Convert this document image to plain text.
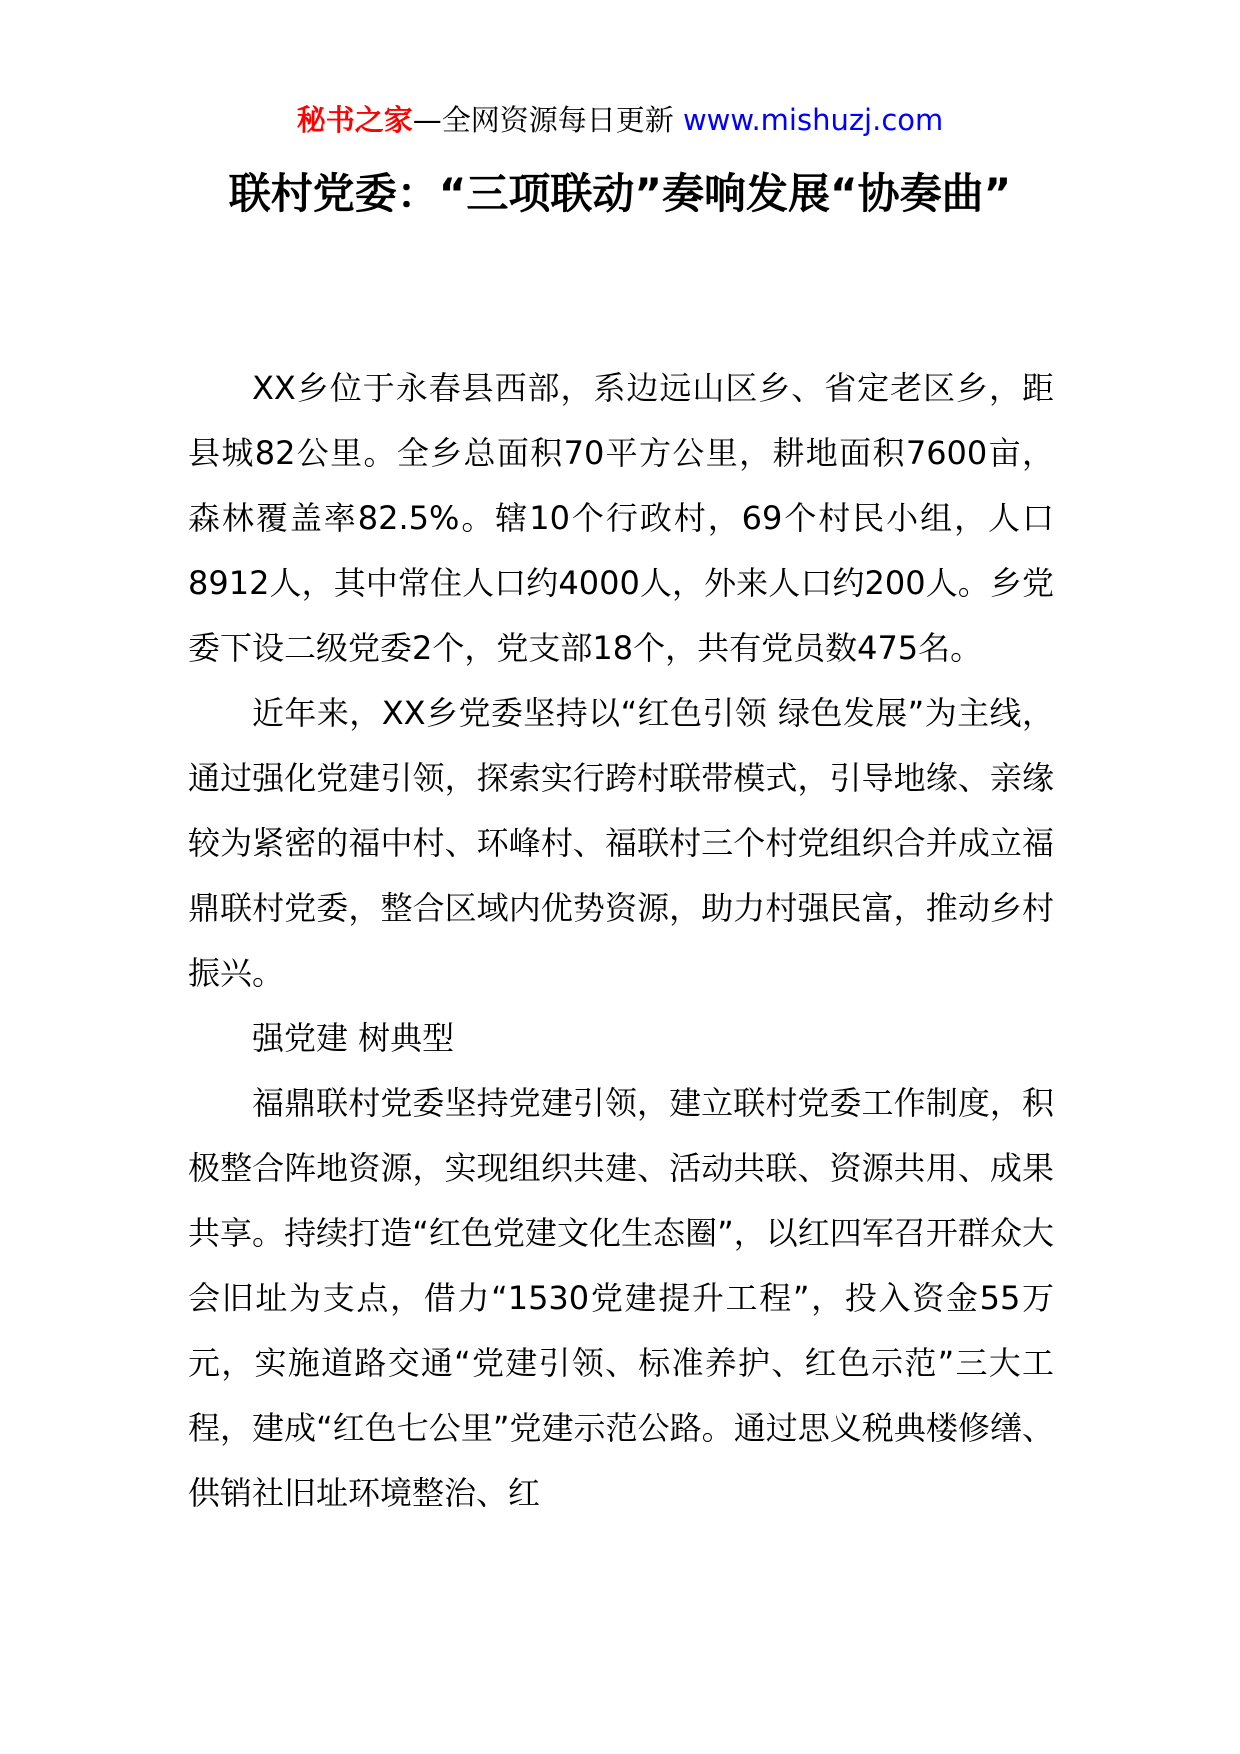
秘书之家—全网资源每日更新 www.mishuzj.com
联村党委：“三项联动”奏响发展“协奏曲”

XX乡位于永春县西部，系边远山区乡、省定老区乡，距县城82公里。全乡总面积70平方公里，耕地面积7600亩，森林覆盖率82.5%。辖10个行政村，69个村民小组，人口8912人，其中常住人口约4000人，外来人口约200人。乡党委下设二级党委2个，党支部18个，共有党员数475名。

近年来，XX乡党委坚持以“红色引领 绿色发展”为主线，通过强化党建引领，探索实行跨村联带模式，引导地缘、亲缘较为紧密的福中村、环峰村、福联村三个村党组织合并成立福鼎联村党委，整合区域内优势资源，助力村强民富，推动乡村振兴。

强党建 树典型

福鼎联村党委坚持党建引领，建立联村党委工作制度，积极整合阵地资源，实现组织共建、活动共联、资源共用、成果共享。持续打造“红色党建文化生态圈”，以红四军召开群众大会旧址为支点，借力“1530党建提升工程”，投入资金55万元，实施道路交通“党建引领、标准养护、红色示范”三大工程，建成“红色七公里”党建示范公路。通过思义税典楼修缮、供销社旧址环境整治、红
